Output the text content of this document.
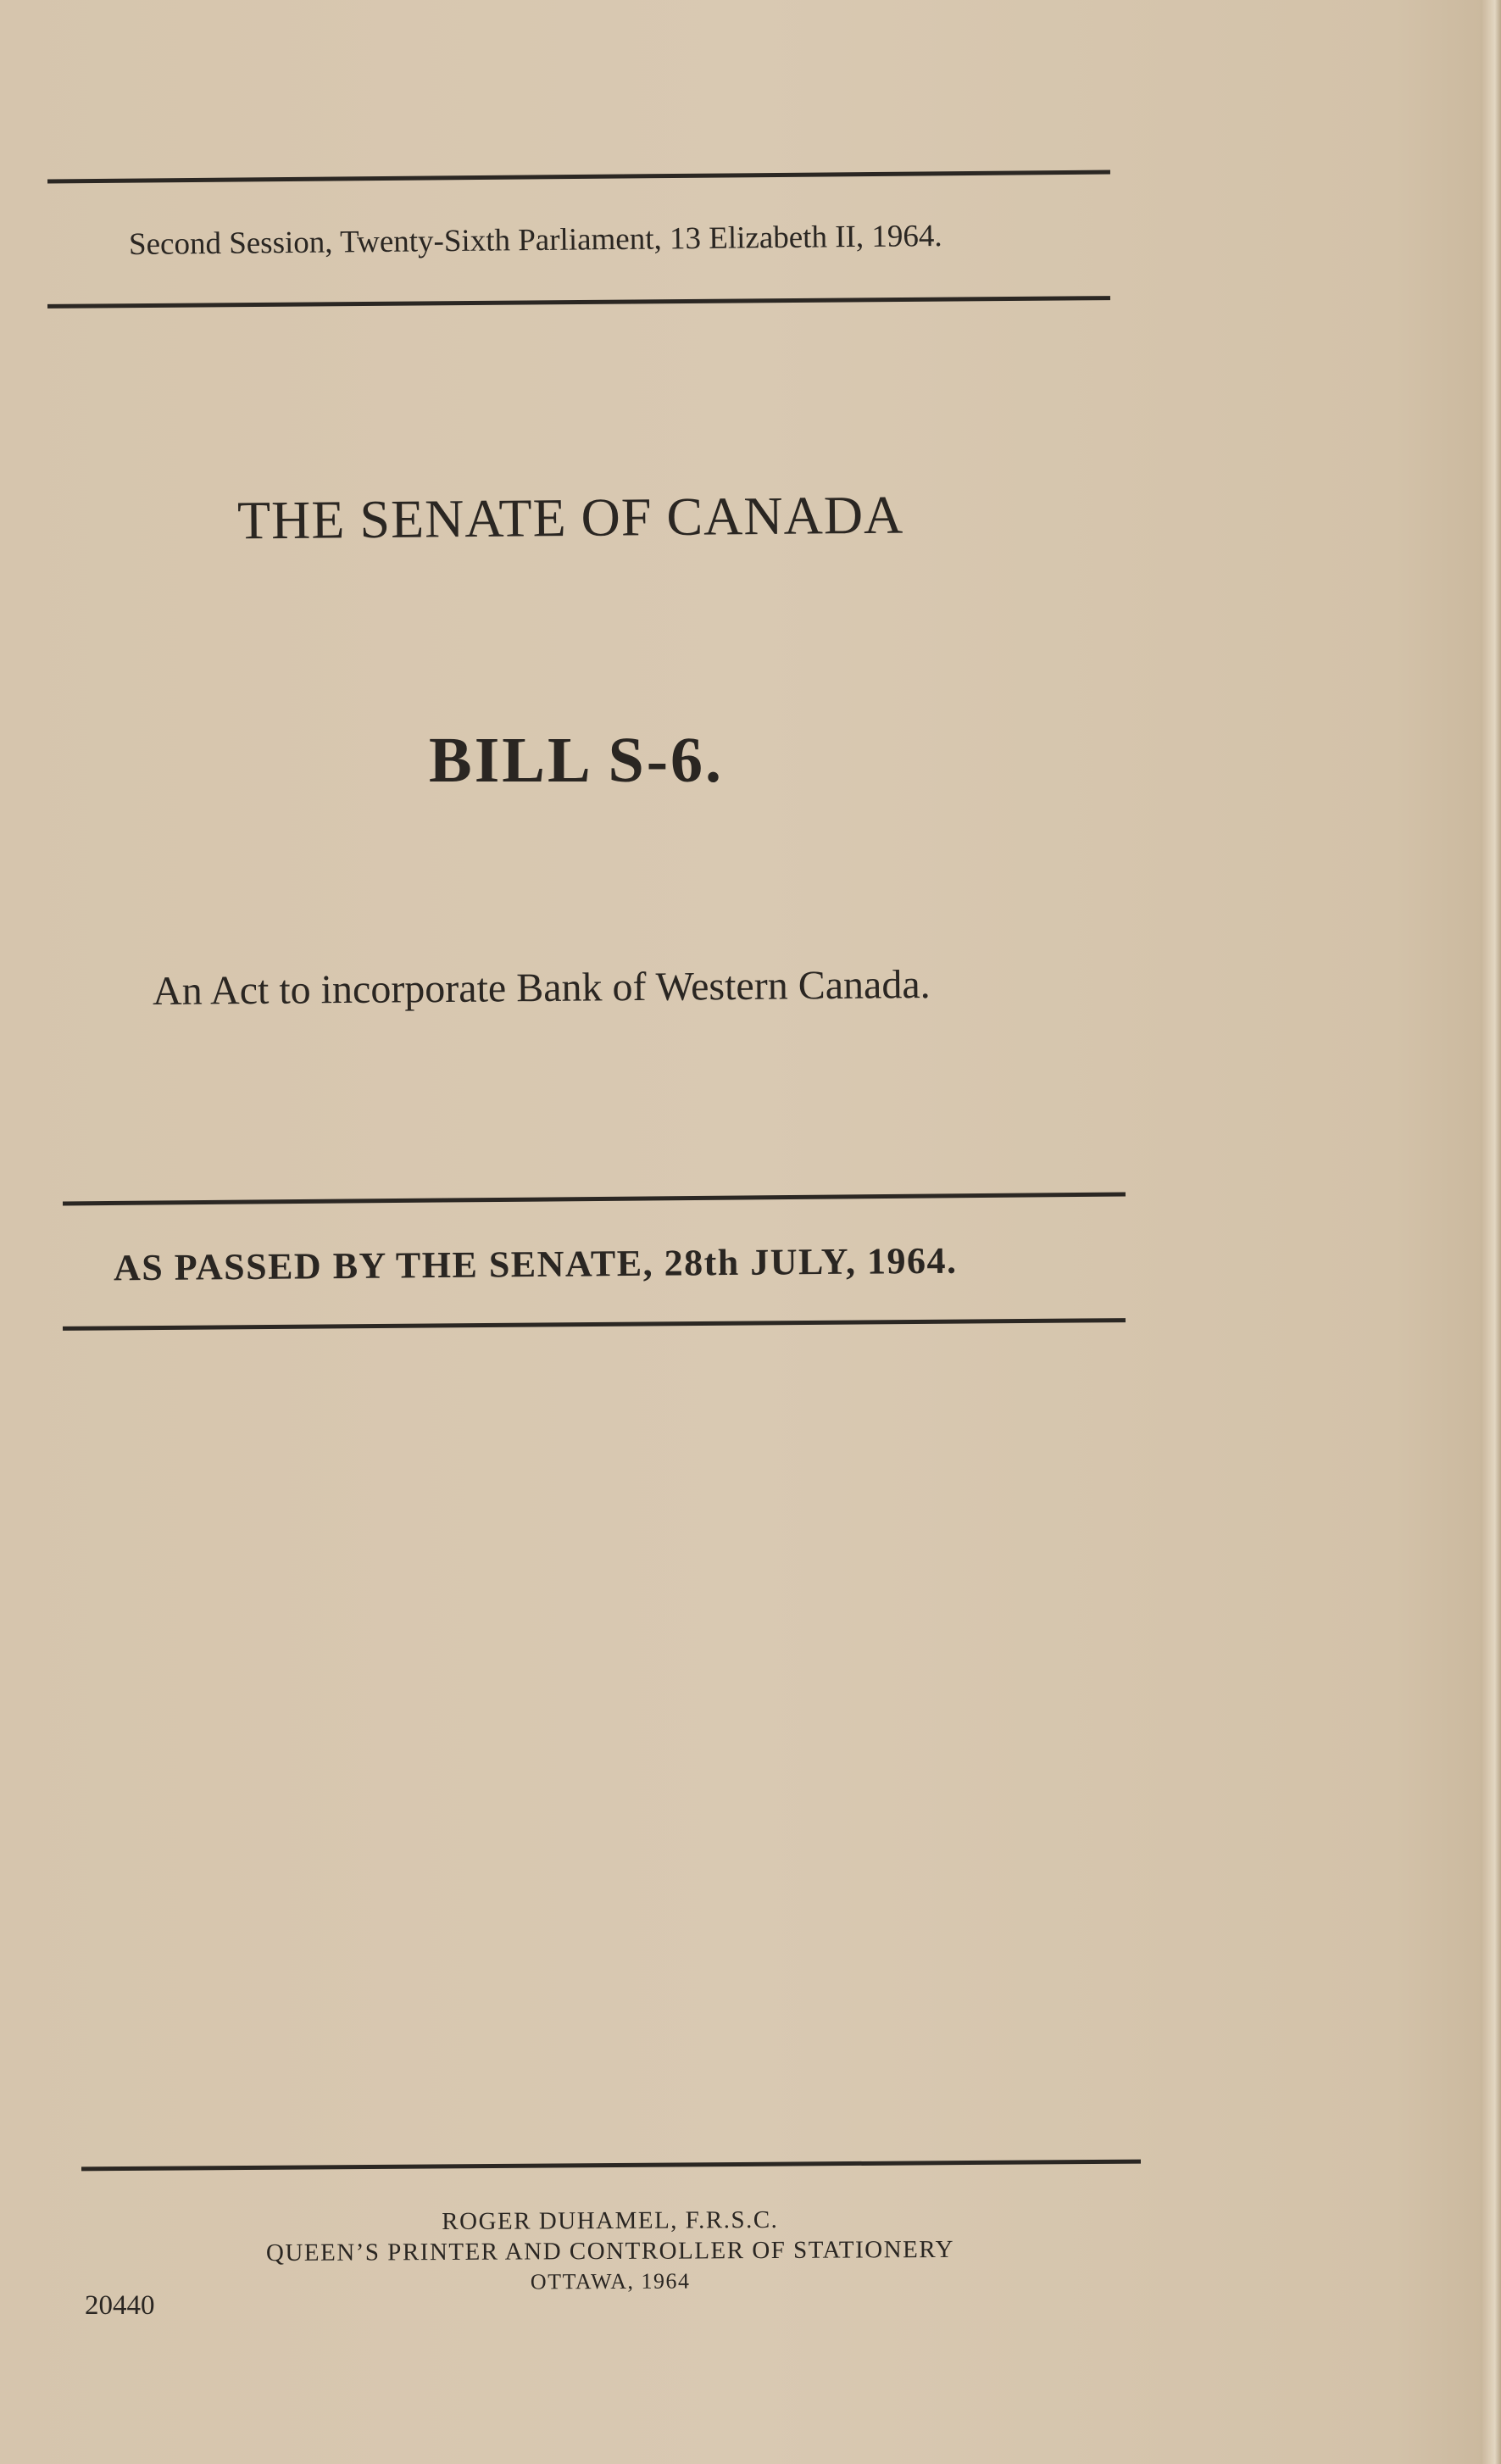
Second Session, Twenty-Sixth Parliament, 13 Elizabeth II, 1964.
THE SENATE OF CANADA
BILL S-6.
An Act to incorporate Bank of Western Canada.
AS PASSED BY THE SENATE, 28th JULY, 1964.
ROGER DUHAMEL, F.R.S.C.
QUEEN’S PRINTER AND CONTROLLER OF STATIONERY
OTTAWA, 1964
20440
